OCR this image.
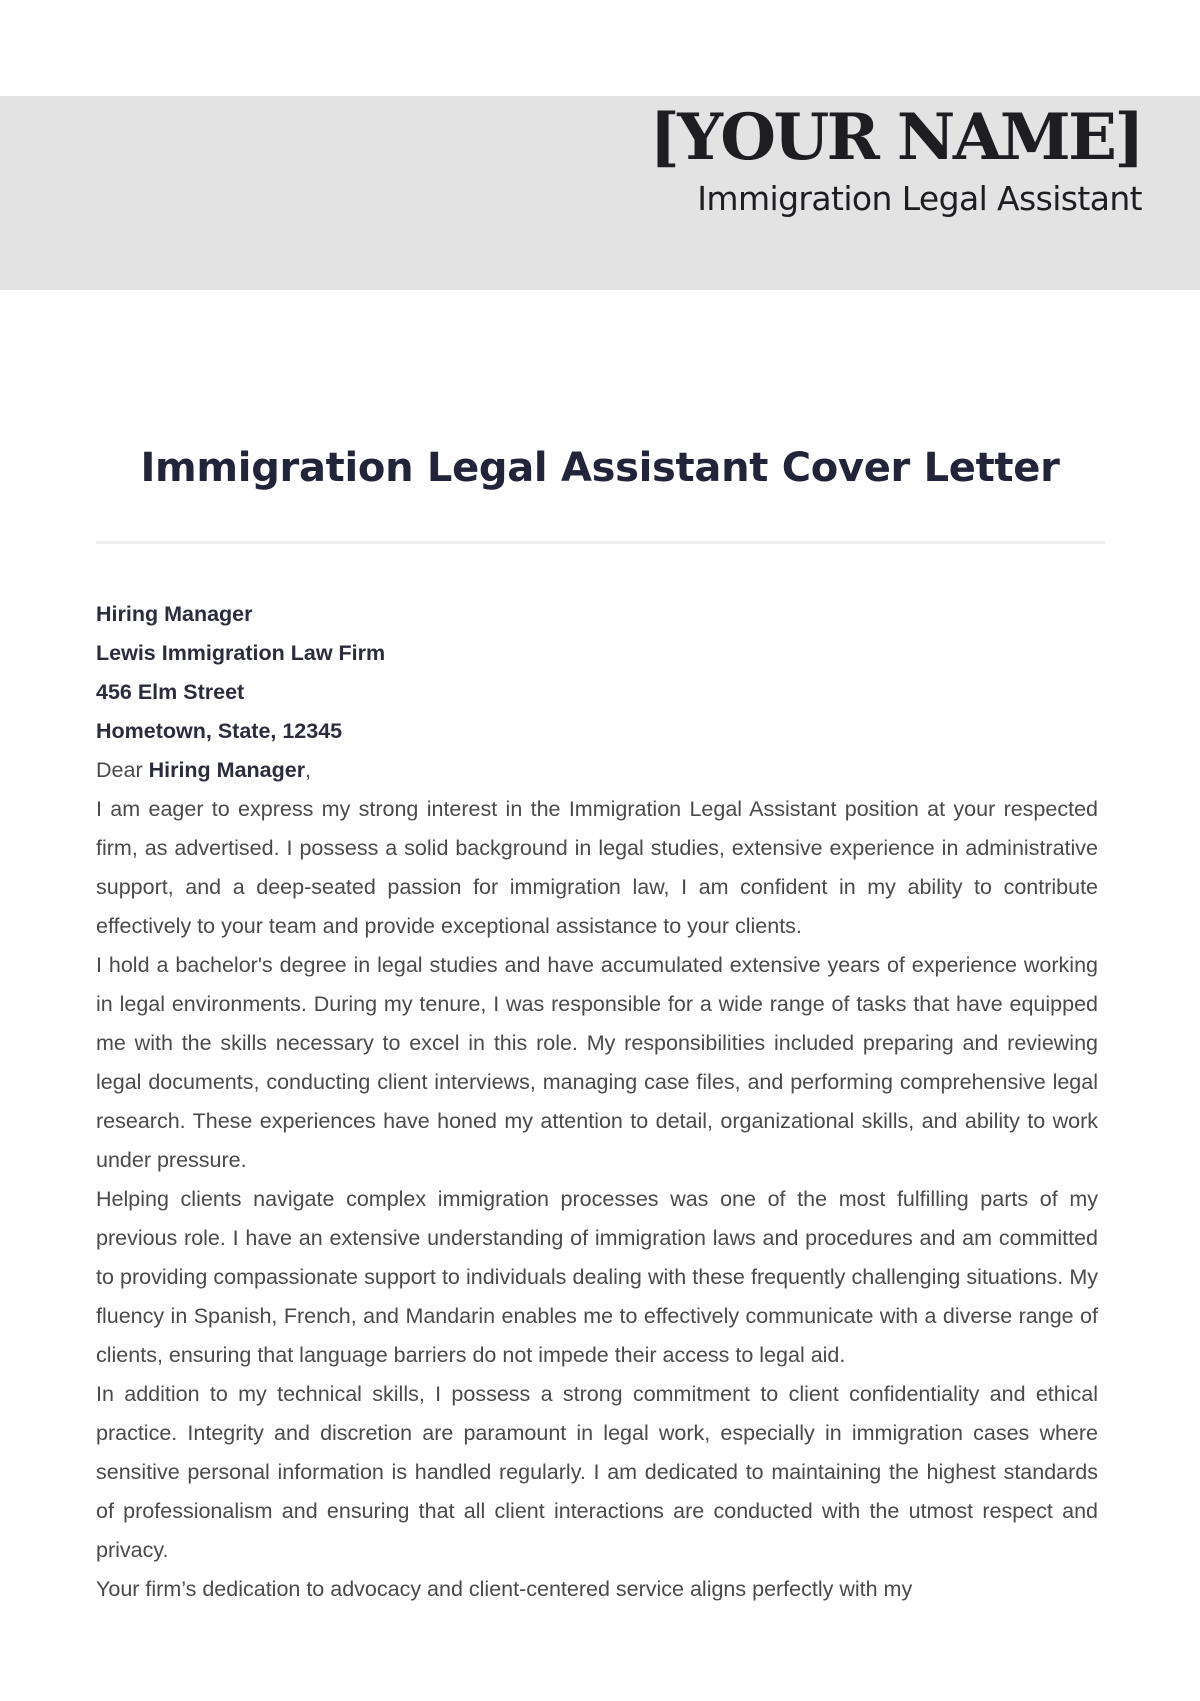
[YOUR NAME]
Immigration Legal Assistant
Immigration Legal Assistant Cover Letter

Hiring Manager

Lewis Immigration Law Firm

456 Elm Street

Hometown, State, 12345

Dear Hiring Manager,

I am eager to express my strong interest in the Immigration Legal Assistant position at your respected firm, as advertised. I possess a solid background in legal studies, extensive experience in administrative support, and a deep-seated passion for immigration law, I am confident in my ability to contribute effectively to your team and provide exceptional assistance to your clients.

I hold a bachelor's degree in legal studies and have accumulated extensive years of experience working in legal environments. During my tenure, I was responsible for a wide range of tasks that have equipped me with the skills necessary to excel in this role. My responsibilities included preparing and reviewing legal documents, conducting client interviews, managing case files, and performing comprehensive legal research. These experiences have honed my attention to detail, organizational skills, and ability to work under pressure.

Helping clients navigate complex immigration processes was one of the most fulfilling parts of my previous role. I have an extensive understanding of immigration laws and procedures and am committed to providing compassionate support to individuals dealing with these frequently challenging situations. My fluency in Spanish, French, and Mandarin enables me to effectively communicate with a diverse range of clients, ensuring that language barriers do not impede their access to legal aid.

In addition to my technical skills, I possess a strong commitment to client confidentiality and ethical practice. Integrity and discretion are paramount in legal work, especially in immigration cases where sensitive personal information is handled regularly. I am dedicated to maintaining the highest standards of professionalism and ensuring that all client interactions are conducted with the utmost respect and privacy.

Your firm’s dedication to advocacy and client-centered service aligns perfectly with my
